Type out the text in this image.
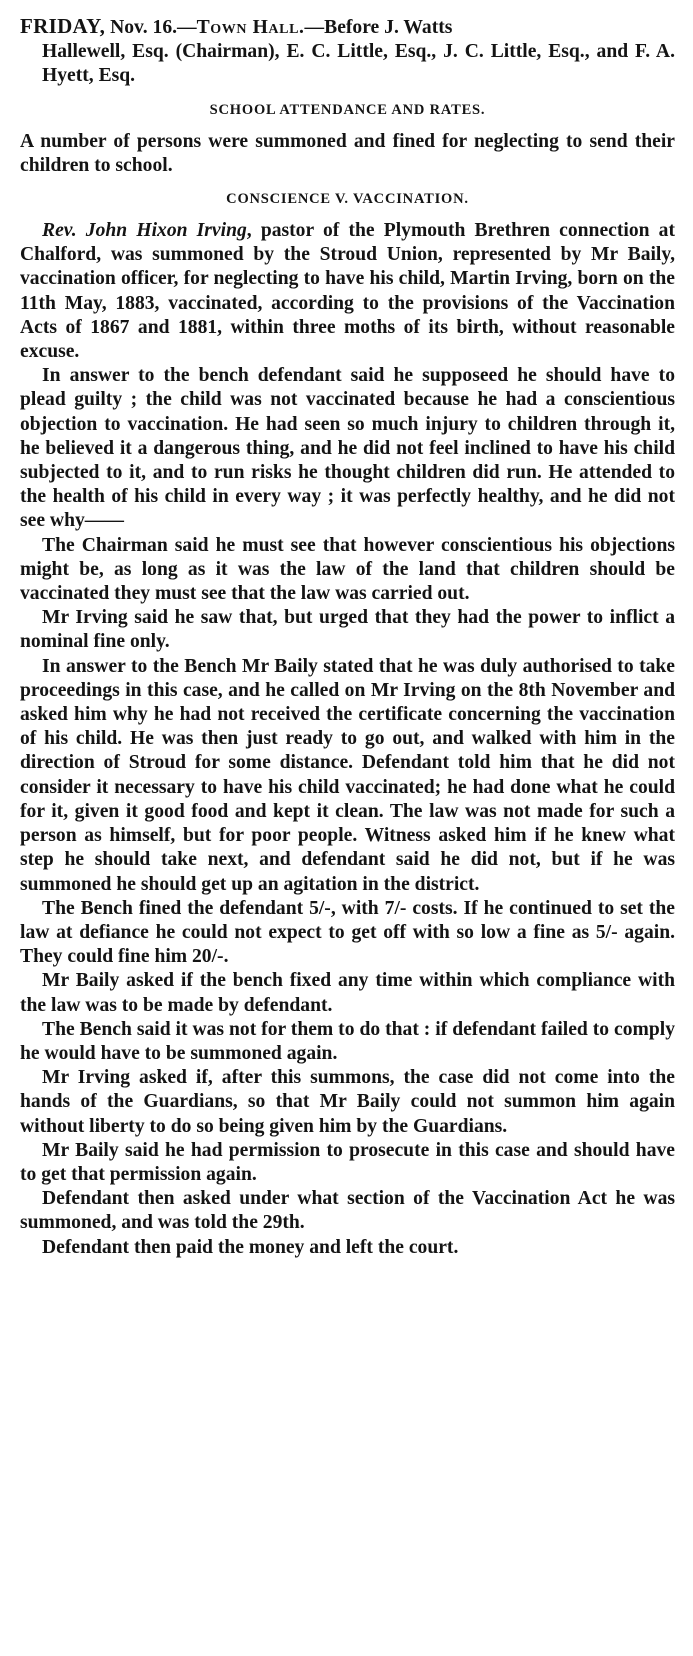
FRIDAY, Nov. 16.—Town Hall.—Before J. Watts

Hallewell, Esq. (Chairman), E. C. Little, Esq., J. C. Little, Esq., and F. A. Hyett, Esq.

SCHOOL ATTENDANCE AND RATES.

A number of persons were summoned and fined for neglecting to send their children to school.

CONSCIENCE V. VACCINATION.

Rev. John Hixon Irving, pastor of the Plymouth Brethren connection at Chalford, was summoned by the Stroud Union, represented by Mr Baily, vaccination officer, for neglecting to have his child, Martin Irving, born on the 11th May, 1883, vaccinated, according to the provisions of the Vaccination Acts of 1867 and 1881, within three moths of its birth, without reasonable excuse.

In answer to the bench defendant said he supposeed he should have to plead guilty ; the child was not vaccinated because he had a conscientious objection to vaccination. He had seen so much injury to children through it, he believed it a dangerous thing, and he did not feel inclined to have his child subjected to it, and to run risks he thought children did run. He attended to the health of his child in every way ; it was perfectly healthy, and he did not see why——

The Chairman said he must see that however conscientious his objections might be, as long as it was the law of the land that children should be vaccinated they must see that the law was carried out.

Mr Irving said he saw that, but urged that they had the power to inflict a nominal fine only.

In answer to the Bench Mr Baily stated that he was duly authorised to take proceedings in this case, and he called on Mr Irving on the 8th November and asked him why he had not received the certificate concerning the vaccination of his child. He was then just ready to go out, and walked with him in the direction of Stroud for some distance. Defendant told him that he did not consider it necessary to have his child vaccinated; he had done what he could for it, given it good food and kept it clean. The law was not made for such a person as himself, but for poor people. Witness asked him if he knew what step he should take next, and defendant said he did not, but if he was summoned he should get up an agitation in the district.

The Bench fined the defendant 5/-, with 7/- costs. If he continued to set the law at defiance he could not expect to get off with so low a fine as 5/- again. They could fine him 20/-.

Mr Baily asked if the bench fixed any time within which compliance with the law was to be made by defendant.

The Bench said it was not for them to do that : if defendant failed to comply he would have to be summoned again.

Mr Irving asked if, after this summons, the case did not come into the hands of the Guardians, so that Mr Baily could not summon him again without liberty to do so being given him by the Guardians.

Mr Baily said he had permission to prosecute in this case and should have to get that permission again.

Defendant then asked under what section of the Vaccination Act he was summoned, and was told the 29th.

Defendant then paid the money and left the court.
